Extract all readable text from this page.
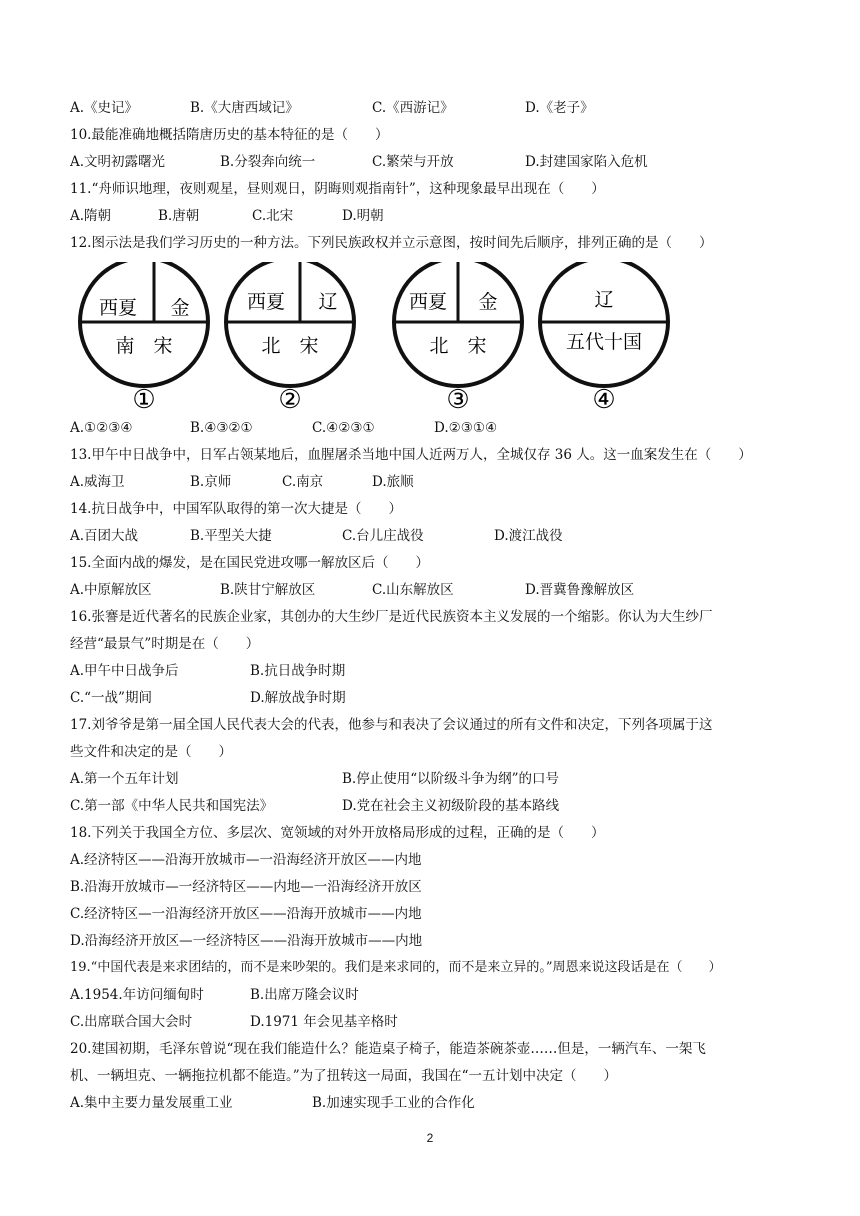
A.《史记》	B.《大唐西域记》	C.《西游记》	D.《老子》
10.最能准确地概括隋唐历史的基本特征的是（　　）
A.文明初露曙光	B.分裂奔向统一	C.繁荣与开放	D.封建国家陷入危机
11.“舟师识地理，夜则观星，昼则观日，阴晦则观指南针”，这种现象最早出现在（　　）
A.隋朝	B.唐朝	C.北宋	D.明朝
12.图示法是我们学习历史的一种方法。下列民族政权并立示意图，按时间先后顺序，排列正确的是（　　）
西夏 金
南　宋
①
西夏 辽
北　宋
②
西夏 金
北　宋
③
辽
五代十国
④
A.①②③④	B.④③②①	C.④②③①	D.②③①④
13.甲午中日战争中，日军占领某地后，血腥屠杀当地中国人近两万人，全城仅存 36 人。这一血案发生在（　　）
A.威海卫	B.京师	C.南京	D.旅顺
14.抗日战争中，中国军队取得的第一次大捷是（　　）
A.百团大战	B.平型关大捷	C.台儿庄战役	D.渡江战役
15.全面内战的爆发，是在国民党进攻哪一解放区后（　　）
A.中原解放区	B.陕甘宁解放区	C.山东解放区	D.晋冀鲁豫解放区
16.张謇是近代著名的民族企业家，其创办的大生纱厂是近代民族资本主义发展的一个缩影。你认为大生纱厂
经营“最景气”时期是在（　　）
A.甲午中日战争后	B.抗日战争时期
C.“一战”期间	D.解放战争时期
17.刘爷爷是第一届全国人民代表大会的代表，他参与和表决了会议通过的所有文件和决定，下列各项属于这
些文件和决定的是（　　）
A.第一个五年计划	B.停止使用“以阶级斗争为纲”的口号
C.第一部《中华人民共和国宪法》	D.党在社会主义初级阶段的基本路线
18.下列关于我国全方位、多层次、宽领域的对外开放格局形成的过程，正确的是（　　）
A.经济特区——沿海开放城市—一沿海经济开放区——内地
B.沿海开放城市—一经济特区——内地—一沿海经济开放区
C.经济特区—一沿海经济开放区——沿海开放城市——内地
D.沿海经济开放区—一经济特区——沿海开放城市——内地
19.“中国代表是来求团结的，而不是来吵架的。我们是来求同的，而不是来立异的。”周恩来说这段话是在（　　）
A.1954.年访问缅甸时	B.出席万隆会议时
C.出席联合国大会时	D.1971 年会见基辛格时
20.建国初期，毛泽东曾说“现在我们能造什么？能造桌子椅子，能造茶碗茶壶……但是，一辆汽车、一架飞
机、一辆坦克、一辆拖拉机都不能造。”为了扭转这一局面，我国在“一五计划中决定（　　）
A.集中主要力量发展重工业	B.加速实现手工业的合作化
2
